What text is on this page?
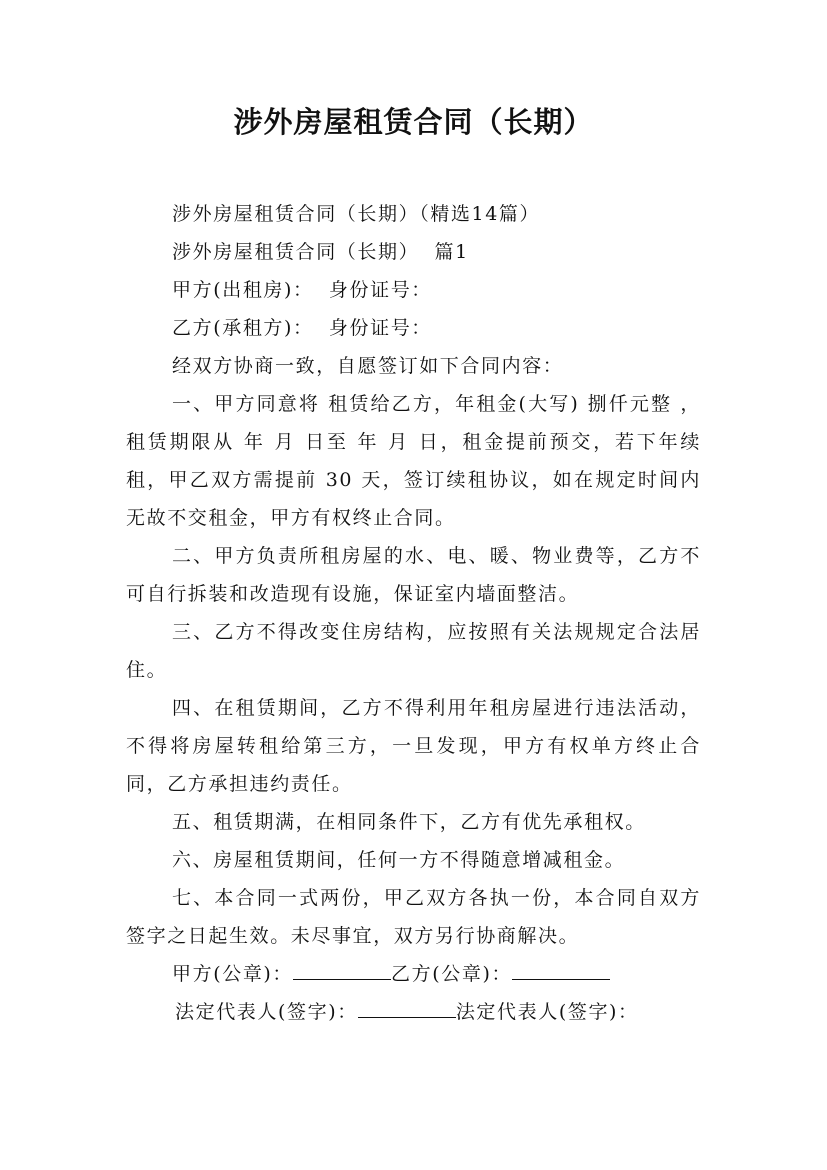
涉外房屋租赁合同（长期）

涉外房屋租赁合同（长期）（精选14篇）

涉外房屋租赁合同（长期）  篇1

甲方(出租房)：  身份证号：

乙方(承租方)：  身份证号：

经双方协商一致，自愿签订如下合同内容：

一、甲方同意将 租赁给乙方，年租金(大写) 捌仟元整 ，租赁期限从 年 月 日至 年 月 日，租金提前预交，若下年续租，甲乙双方需提前 30 天，签订续租协议，如在规定时间内无故不交租金，甲方有权终止合同。

二、甲方负责所租房屋的水、电、暖、物业费等，乙方不可自行拆装和改造现有设施，保证室内墙面整洁。

三、乙方不得改变住房结构，应按照有关法规规定合法居住。

四、在租赁期间，乙方不得利用年租房屋进行违法活动，不得将房屋转租给第三方，一旦发现，甲方有权单方终止合同，乙方承担违约责任。

五、租赁期满，在相同条件下，乙方有优先承租权。

六、房屋租赁期间，任何一方不得随意增减租金。

七、本合同一式两份，甲乙双方各执一份，本合同自双方签字之日起生效。未尽事宜，双方另行协商解决。

甲方(公章)：	乙方(公章)：
法定代表人(签字)：	法定代表人(签字)：
